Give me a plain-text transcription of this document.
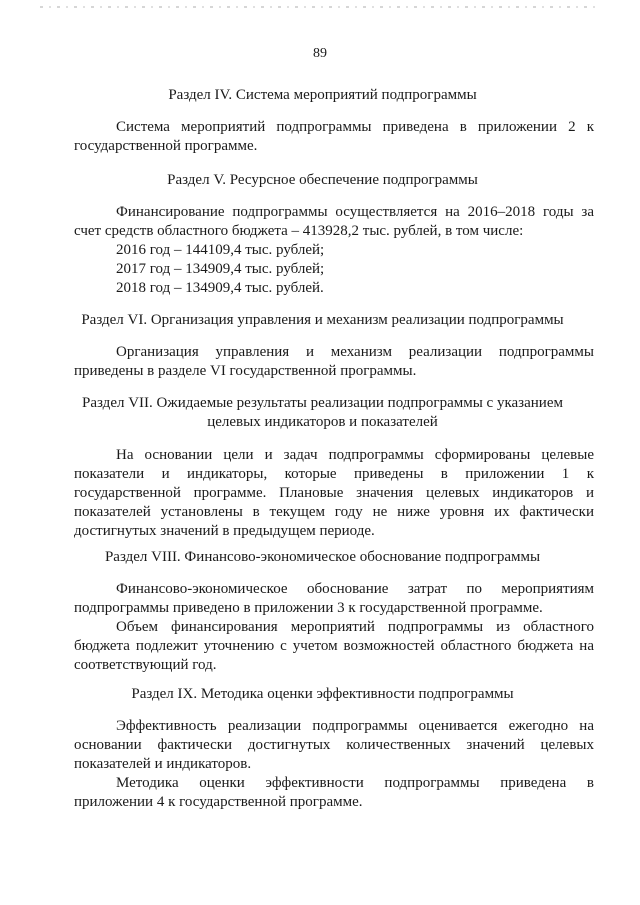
89
Раздел IV. Система мероприятий подпрограммы
Система мероприятий подпрограммы приведена в приложении 2 к
государственной программе.
Раздел V. Ресурсное обеспечение подпрограммы
Финансирование подпрограммы осуществляется на 2016–2018 годы за
счет средств областного бюджета – 413928,2 тыс. рублей, в том числе:
2016 год – 144109,4 тыс. рублей;
2017 год – 134909,4 тыс. рублей;
2018 год – 134909,4 тыс. рублей.
Раздел VI. Организация управления и механизм реализации подпрограммы
Организация управления и механизм реализации подпрограммы
приведены в разделе VI государственной программы.
Раздел VII. Ожидаемые результаты реализации подпрограммы с указанием
целевых индикаторов и показателей
На основании цели и задач подпрограммы сформированы целевые
показатели и индикаторы, которые приведены в приложении 1 к
государственной программе. Плановые значения целевых индикаторов и
показателей установлены в текущем году не ниже уровня их фактически
достигнутых значений в предыдущем периоде.
Раздел VIII. Финансово-экономическое обоснование подпрограммы
Финансово-экономическое обоснование затрат по мероприятиям
подпрограммы приведено в приложении 3 к государственной программе.
Объем финансирования мероприятий подпрограммы из областного
бюджета подлежит уточнению с учетом возможностей областного бюджета на
соответствующий год.
Раздел IX. Методика оценки эффективности подпрограммы
Эффективность реализации подпрограммы оценивается ежегодно на
основании фактически достигнутых количественных значений целевых
показателей и индикаторов.
Методика оценки эффективности подпрограммы приведена в
приложении 4 к государственной программе.
